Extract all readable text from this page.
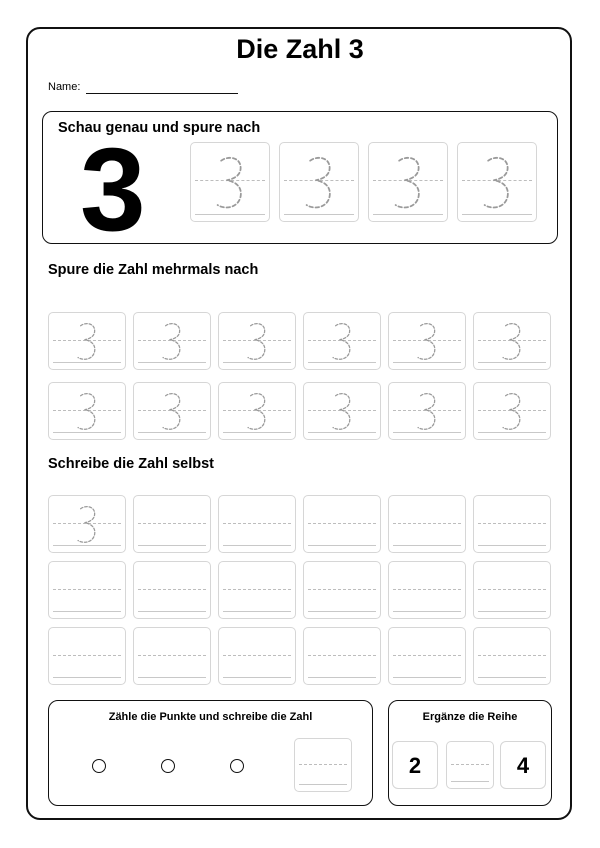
Die Zahl 3
Name:
Schau genau und spure nach
3
Spure die Zahl mehrmals nach
Schreibe die Zahl selbst
Zähle die Punkte und schreibe die Zahl	Ergänze die Reihe
2	4
